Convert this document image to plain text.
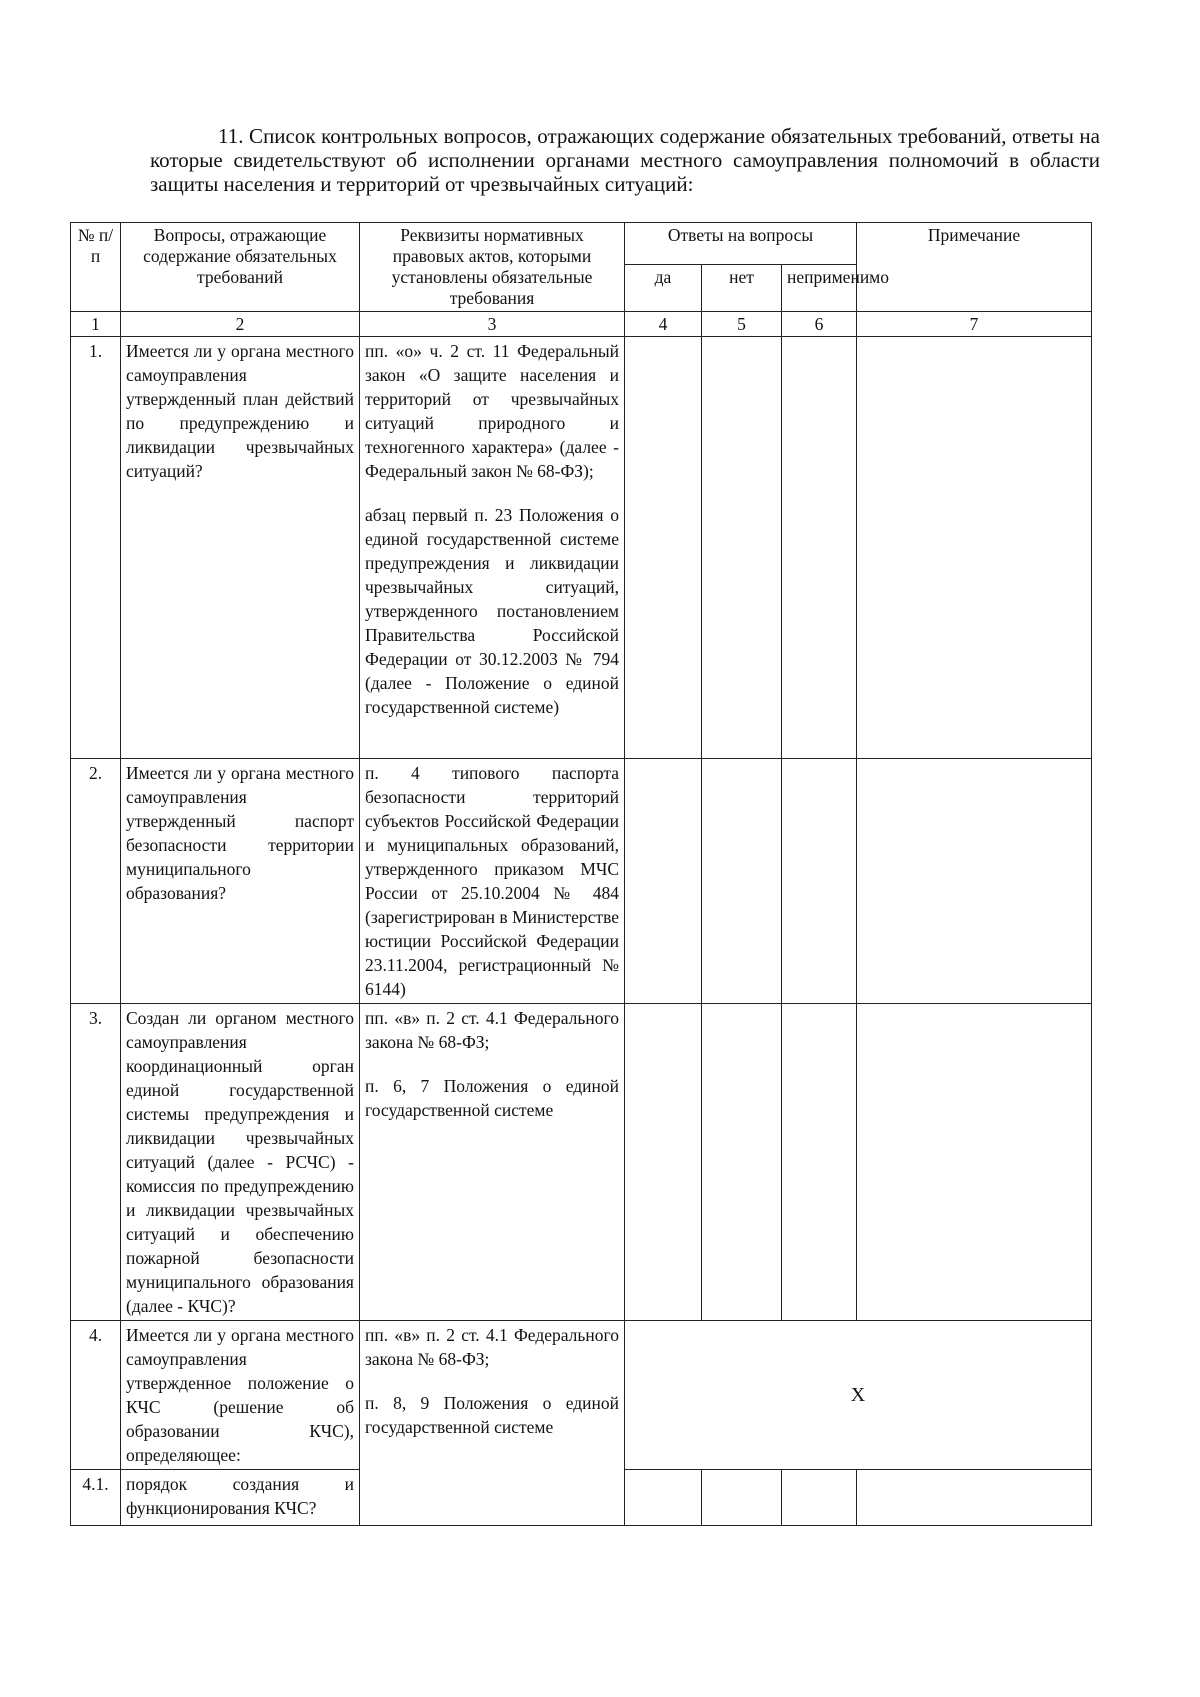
11. Список контрольных вопросов, отражающих содержание обязательных требований, ответы на которые свидетельствуют об исполнении органами местного самоуправления полномочий в области защиты населения и территорий от чрезвычайных ситуаций:
№ п/п	Вопросы, отражающие содержание обязательных требований	Реквизиты нормативных правовых актов, которыми установлены обязательные требования	Ответы на вопросы			Примечание
			да	нет	неприменимо	
1	2	3	4	5	6	7
1.	Имеется ли у органа местного самоуправления утвержденный план действий по предупреждению и ликвидации чрезвычайных ситуаций?	пп. «о» ч. 2 ст. 11 Федеральный закон «О защите населения и территорий от чрезвычайных ситуаций природного и техногенного характера» (далее - Федеральный закон № 68-ФЗ);

абзац первый п. 23 Положения о единой государственной системе предупреждения и ликвидации чрезвычайных ситуаций, утвержденного постановлением Правительства Российской Федерации от 30.12.2003 № 794 (далее - Положение о единой государственной системе)				

2.	Имеется ли у органа местного самоуправления утвержденный паспорт безопасности территории муниципального образования?	п. 4 типового паспорта безопасности территорий субъектов Российской Федерации и муниципальных образований, утвержденного приказом МЧС России от 25.10.2004 № 484 (зарегистрирован в Министерстве юстиции Российской Федерации 23.11.2004, регистрационный № 6144)				

3.	Создан ли органом местного самоуправления координационный орган единой государственной системы предупреждения и ликвидации чрезвычайных ситуаций (далее - РСЧС) - комиссия по предупреждению и ликвидации чрезвычайных ситуаций и обеспечению пожарной безопасности муниципального образования (далее - КЧС)?	пп. «в» п. 2 ст. 4.1 Федерального закона № 68-ФЗ;

п. 6, 7 Положения о единой государственной системе				

4.	Имеется ли у органа местного самоуправления утвержденное положение о КЧС (решение об образовании КЧС), определяющее:	пп. «в» п. 2 ст. 4.1 Федерального закона № 68-ФЗ;

п. 8, 9 Положения о единой государственной системе	X			
4.1.	порядок создания и функционирования КЧС?					
